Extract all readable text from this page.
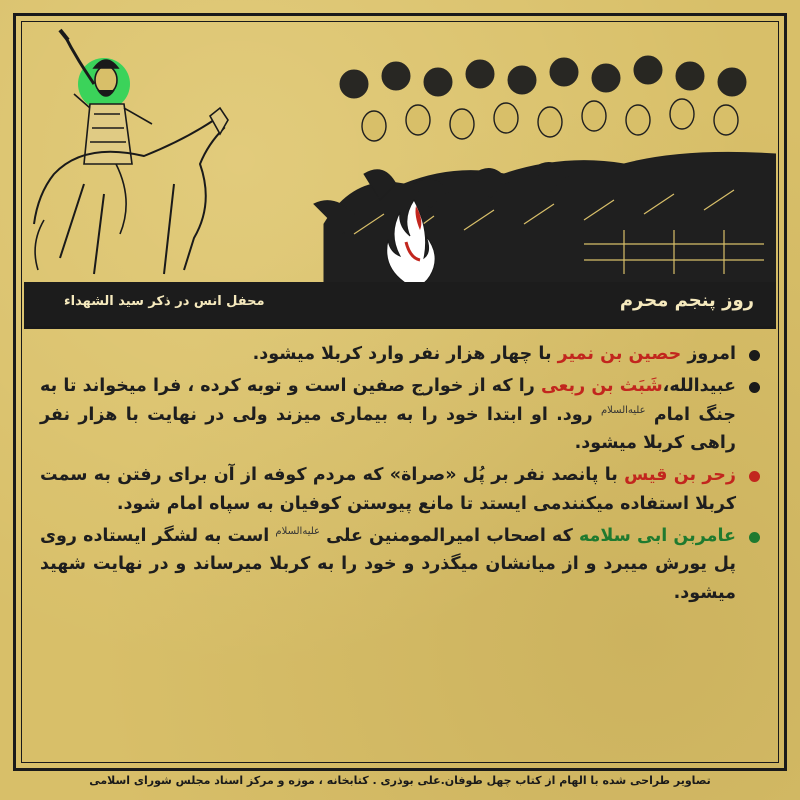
روز پنجم محرم
محفل انس در ذکر سید الشهداء
امروز حصین بن نمیر با چهار هزار نفر وارد کربلا میشود.
عبیدالله،شَبَث بن ربعی را که از خوارج صفین است و توبه کرده ، فرا میخواند تا به جنگ امام $^{علیه‌السلام}$ رود. او ابتدا خود را به بیماری میزند ولی در نهایت با هزار نفر راهی کربلا میشود.
زحر بن قیس با پانصد نفر بر پُل «صراة» که مردم کوفه از آن برای رفتن به سمت کربلا استفاده میکنندمی ایستد تا مانع پیوستن کوفیان به سپاه امام شود.
عامربن ابی سلامه که اصحاب امیرالمومنین علی $^{علیه‌السلام}$ است به لشگر ایستاده روی پل یورش میبرد و از میانشان میگذرد و خود را به کربلا میرساند و در نهایت شهید میشود.
تصاویر طراحی شده با الهام از کتاب چهل طوفان.علی بوذری . کتابخانه ، موزه و مرکز اسناد مجلس شورای اسلامی
